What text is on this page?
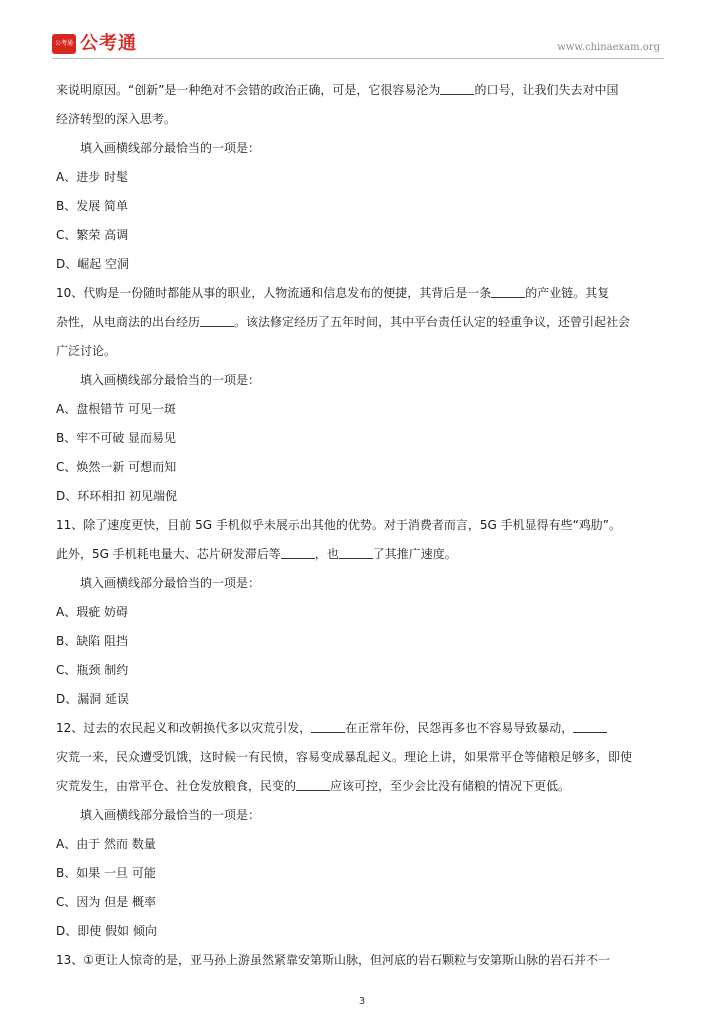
公考通 公考通	www.chinaexam.org

来说明原因。“创新”是一种绝对不会错的政治正确，可是，它很容易沦为	的口号，让我们失去对中国

经济转型的深入思考。

填入画横线部分最恰当的一项是：

A、进步 时髦

B、发展 简单

C、繁荣 高调

D、崛起 空洞

10、代购是一份随时都能从事的职业，人物流通和信息发布的便捷，其背后是一条	的产业链。其复

杂性，从电商法的出台经历	。该法修定经历了五年时间，其中平台责任认定的轻重争议，还曾引起社会

广泛讨论。

填入画横线部分最恰当的一项是：

A、盘根错节 可见一斑

B、牢不可破 显而易见

C、焕然一新 可想而知

D、环环相扣 初见端倪

11、除了速度更快，目前 5G 手机似乎未展示出其他的优势。对于消费者而言，5G 手机显得有些“鸡肋”。

此外，5G 手机耗电量大、芯片研发滞后等	，也	了其推广速度。

填入画横线部分最恰当的一项是：

A、瑕疵 妨碍

B、缺陷 阻挡

C、瓶颈 制约

D、漏洞 延误

12、过去的农民起义和改朝换代多以灾荒引发，	在正常年份，民怨再多也不容易导致暴动，

灾荒一来，民众遭受饥饿，这时候一有民愤，容易变成暴乱起义。理论上讲，如果常平仓等储粮足够多，即使

灾荒发生，由常平仓、社仓发放粮食，民变的	应该可控，至少会比没有储粮的情况下更低。

填入画横线部分最恰当的一项是：

A、由于 然而 数量

B、如果 一旦 可能

C、因为 但是 概率

D、即使 假如 倾向

13、①更让人惊奇的是，亚马孙上游虽然紧靠安第斯山脉，但河底的岩石颗粒与安第斯山脉的岩石并不一

3
